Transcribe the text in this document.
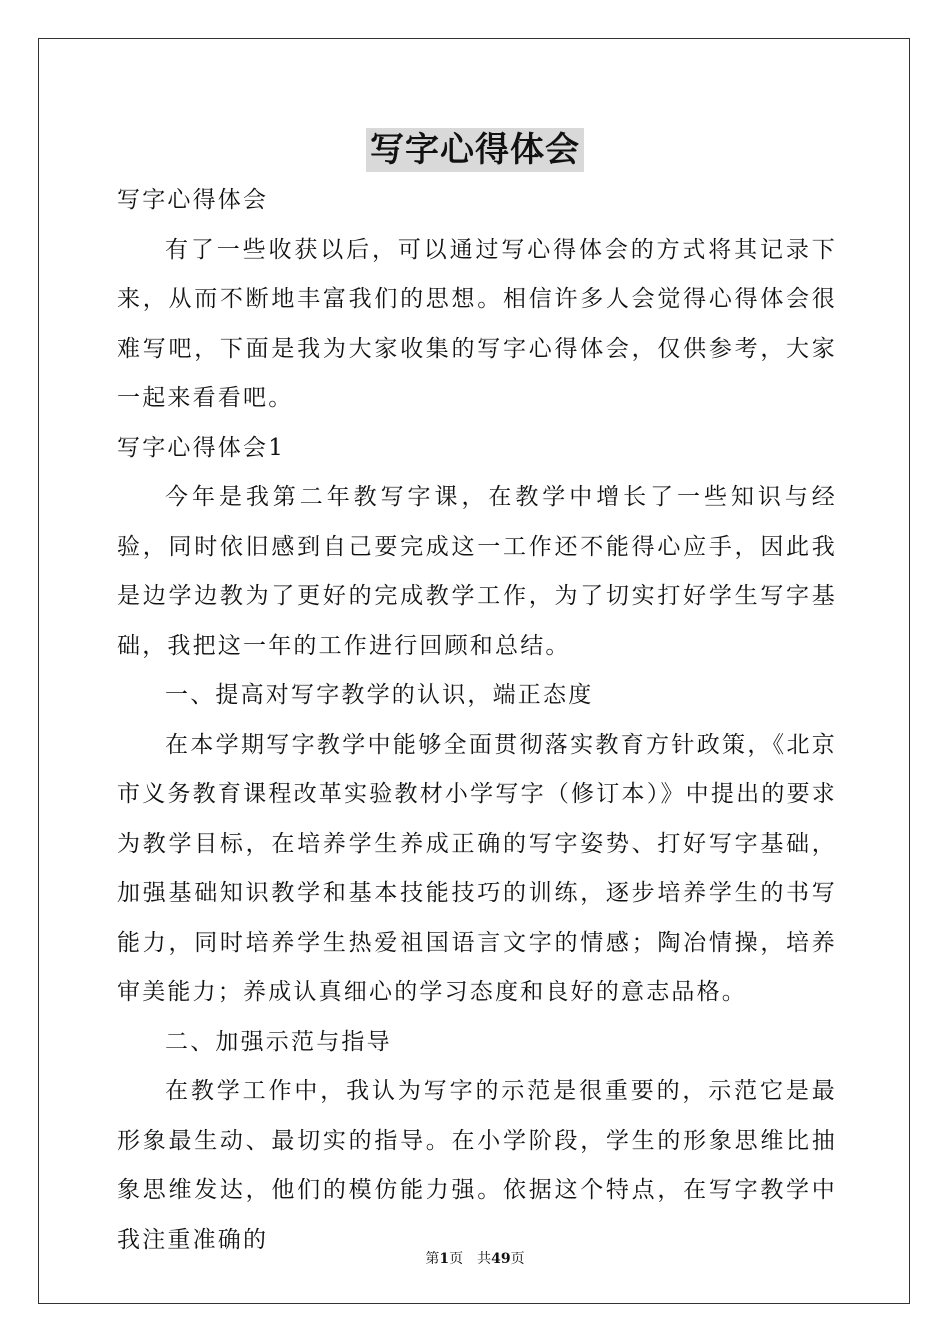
写字心得体会

写字心得体会

有了一些收获以后，可以通过写心得体会的方式将其记录下来，从而不断地丰富我们的思想。相信许多人会觉得心得体会很难写吧，下面是我为大家收集的写字心得体会，仅供参考，大家一起来看看吧。

写字心得体会1

今年是我第二年教写字课，在教学中增长了一些知识与经验，同时依旧感到自己要完成这一工作还不能得心应手，因此我是边学边教为了更好的完成教学工作，为了切实打好学生写字基础，我把这一年的工作进行回顾和总结。

一、提高对写字教学的认识，端正态度

在本学期写字教学中能够全面贯彻落实教育方针政策，《北京市义务教育课程改革实验教材小学写字（修订本）》中提出的要求为教学目标，在培养学生养成正确的写字姿势、打好写字基础，加强基础知识教学和基本技能技巧的训练，逐步培养学生的书写能力，同时培养学生热爱祖国语言文字的情感；陶冶情操，培养审美能力；养成认真细心的学习态度和良好的意志品格。

二、加强示范与指导

在教学工作中，我认为写字的示范是很重要的，示范它是最形象最生动、最切实的指导。在小学阶段，学生的形象思维比抽象思维发达，他们的模仿能力强。依据这个特点，在写字教学中我注重准确的

第1页 共49页
